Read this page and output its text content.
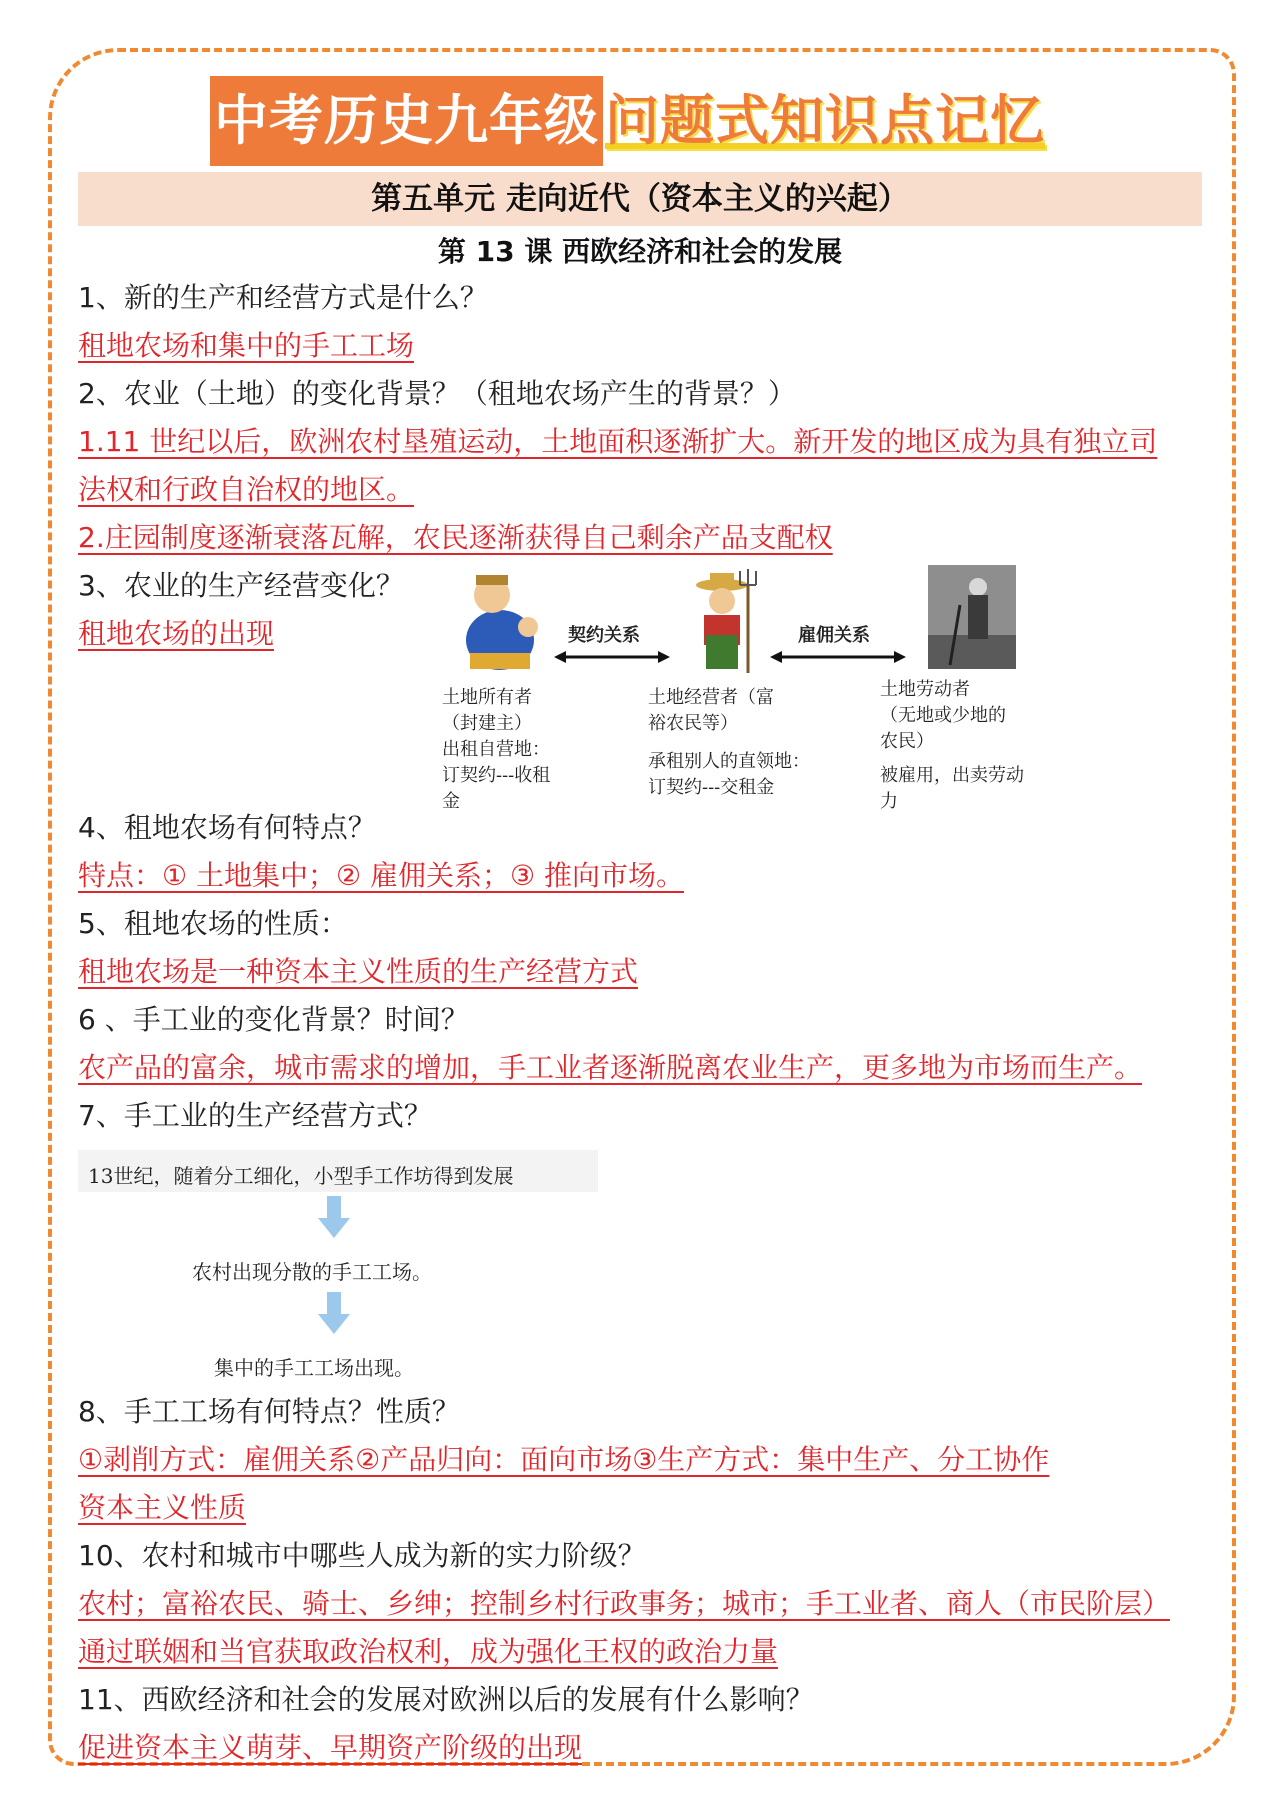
中考历史九年级 问题式知识点记忆
第五单元 走向近代（资本主义的兴起）
第 13 课 西欧经济和社会的发展
1、新的生产和经营方式是什么？
租地农场和集中的手工工场
2、农业（土地）的变化背景？（租地农场产生的背景？）
1.11 世纪以后，欧洲农村垦殖运动，土地面积逐渐扩大。新开发的地区成为具有独立司
法权和行政自治权的地区。
2.庄园制度逐渐衰落瓦解，农民逐渐获得自己剩余产品支配权
3、农业的生产经营变化？
租地农场的出现	契约关系	雇佣关系
土地所有者
（封建主）
出租自营地：
订契约---收租
金
土地经营者（富
裕农民等）
承租别人的直领地：
订契约---交租金
土地劳动者
（无地或少地的
农民）
被雇用，出卖劳动
力
4、租地农场有何特点？
特点：① 土地集中；② 雇佣关系；③ 推向市场。
5、租地农场的性质：
租地农场是一种资本主义性质的生产经营方式
6 、手工业的变化背景？时间？
农产品的富余，城市需求的增加，手工业者逐渐脱离农业生产，更多地为市场而生产。
7、手工业的生产经营方式？
13世纪，随着分工细化，小型手工作坊得到发展
农村出现分散的手工工场。
集中的手工工场出现。
8、手工工场有何特点？性质？
①剥削方式：雇佣关系②产品归向：面向市场③生产方式：集中生产、分工协作
资本主义性质
10、农村和城市中哪些人成为新的实力阶级？
农村；富裕农民、骑士、乡绅；控制乡村行政事务；城市；手工业者、商人（市民阶层）
通过联姻和当官获取政治权利，成为强化王权的政治力量
11、西欧经济和社会的发展对欧洲以后的发展有什么影响？
促进资本主义萌芽、早期资产阶级的出现
